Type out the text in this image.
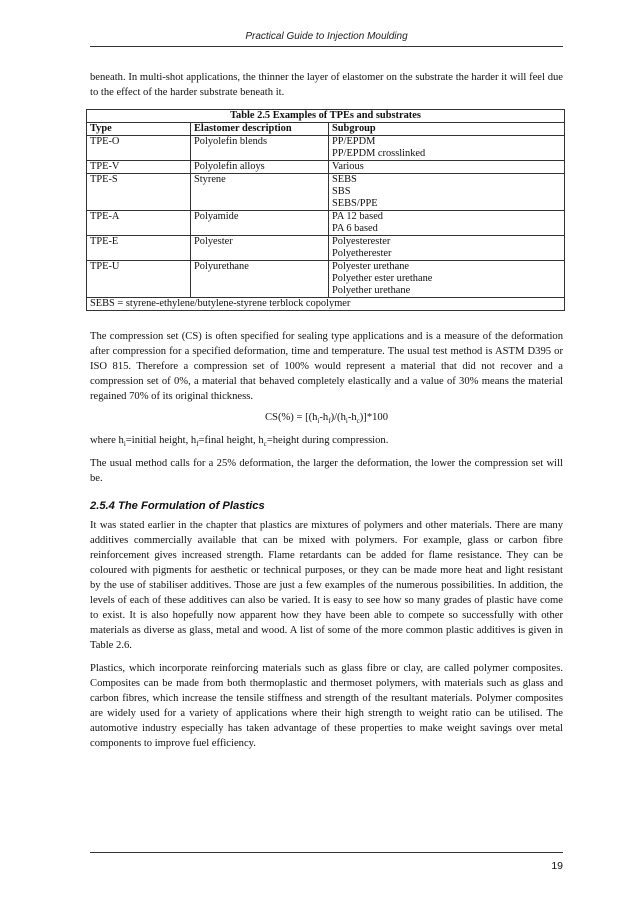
Practical Guide to Injection Moulding

beneath. In multi-shot applications, the thinner the layer of elastomer on the substrate the harder it will feel due to the effect of the harder substrate beneath it.

Table 2.5 Examples of TPEs and substrates		
Type	Elastomer description	Subgroup
TPE-O	Polyolefin blends	PP/EPDM
PP/EPDM crosslinked

TPE-V	Polyolefin alloys	Various

TPE-S	Styrene	SEBS
SBS
SEBS/PPE

TPE-A	Polyamide	PA 12 based
PA 6 based

TPE-E	Polyester	Polyesterester
Polyetherester

TPE-U	Polyurethane	Polyester urethane
Polyether ester urethane
Polyether urethane

SEBS = styrene-ethylene/butylene-styrene terblock copolymer		

The compression set (CS) is often specified for sealing type applications and is a measure of the deformation after compression for a specified deformation, time and temperature. The usual test method is ASTM D395 or ISO 815. Therefore a compression set of 100% would represent a material that did not recover and a compression set of 0%, a material that behaved completely elastically and a value of 30% means the material regained 70% of its original thickness.

$CS(\%) = [(h_i-h_f)/(h_i-h_c)]*100$

where $h_i=initial$ height, $h_f=final$ height, $h_c=height$ during compression.

The usual method calls for a 25% deformation, the larger the deformation, the lower the compression set will be.

2.5.4 The Formulation of Plastics

It was stated earlier in the chapter that plastics are mixtures of polymers and other materials. There are many additives commercially available that can be mixed with polymers. For example, glass or carbon fibre reinforcement gives increased strength. Flame retardants can be added for flame resistance. They can be coloured with pigments for aesthetic or technical purposes, or they can be made more heat and light resistant by the use of stabiliser additives. Those are just a few examples of the numerous possibilities. In addition, the levels of each of these additives can also be varied. It is easy to see how so many grades of plastic have come to exist. It is also hopefully now apparent how they have been able to compete so successfully with other materials as diverse as glass, metal and wood. A list of some of the more common plastic additives is given in Table 2.6.

Plastics, which incorporate reinforcing materials such as glass fibre or clay, are called polymer composites. Composites can be made from both thermoplastic and thermoset polymers, with materials such as glass and carbon fibres, which increase the tensile stiffness and strength of the resultant materials. Polymer composites are widely used for a variety of applications where their high strength to weight ratio can be utilised. The automotive industry especially has taken advantage of these properties to make weight savings over metal components to improve fuel efficiency.

19
